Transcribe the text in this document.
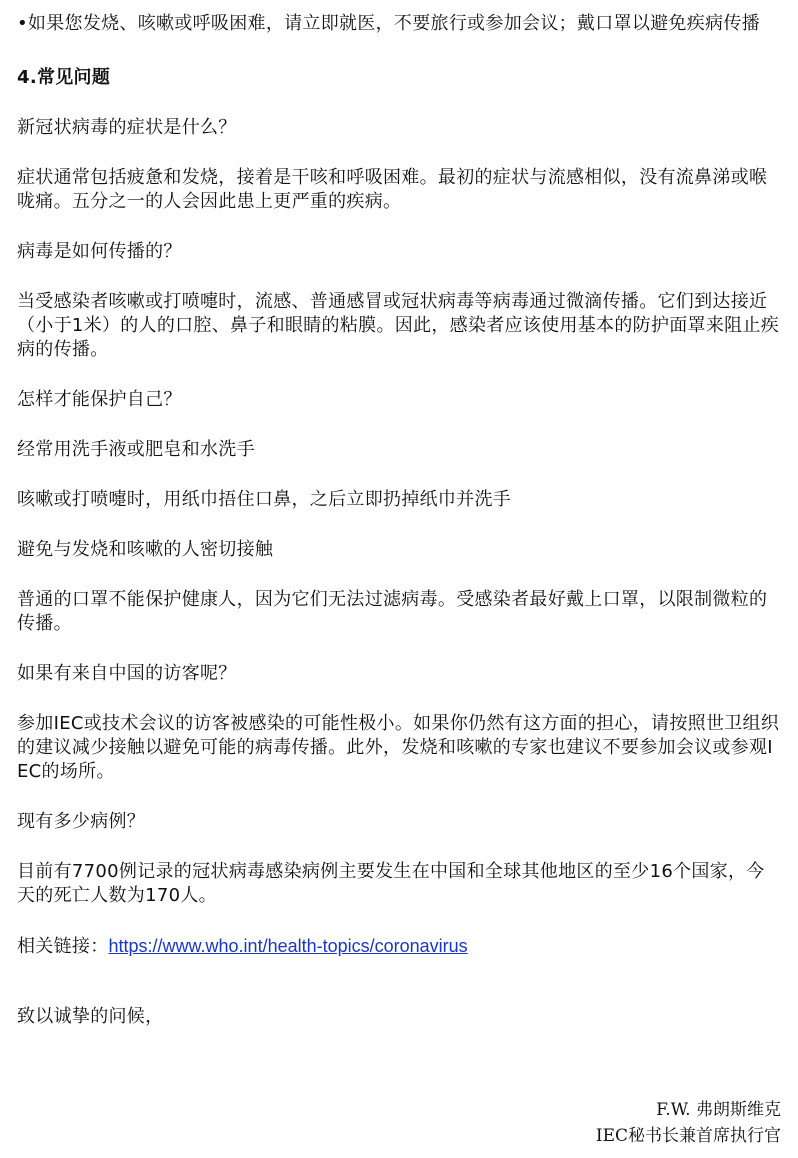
•如果您发烧、咳嗽或呼吸困难，请立即就医，不要旅行或参加会议；戴口罩以避免疾病传播

4.常见问题

新冠状病毒的症状是什么？

症状通常包括疲惫和发烧，接着是干咳和呼吸困难。最初的症状与流感相似，没有流鼻涕或喉咙痛。五分之一的人会因此患上更严重的疾病。

病毒是如何传播的？

当受感染者咳嗽或打喷嚏时，流感、普通感冒或冠状病毒等病毒通过微滴传播。它们到达接近（小于1米）的人的口腔、鼻子和眼睛的粘膜。因此，感染者应该使用基本的防护面罩来阻止疾病的传播。

怎样才能保护自己？

经常用洗手液或肥皂和水洗手

咳嗽或打喷嚏时，用纸巾捂住口鼻，之后立即扔掉纸巾并洗手

避免与发烧和咳嗽的人密切接触

普通的口罩不能保护健康人，因为它们无法过滤病毒。受感染者最好戴上口罩，以限制微粒的传播。

如果有来自中国的访客呢？

参加IEC或技术会议的访客被感染的可能性极小。如果你仍然有这方面的担心，请按照世卫组织的建议减少接触以避免可能的病毒传播。此外，发烧和咳嗽的专家也建议不要参加会议或参观IEC的场所。

现有多少病例？

目前有7700例记录的冠状病毒感染病例主要发生在中国和全球其他地区的至少16个国家，今天的死亡人数为170人。

相关链接：https://www.who.int/health-topics/coronavirus

致以诚挚的问候，

F.W. 弗朗斯维克
IEC秘书长兼首席执行官
